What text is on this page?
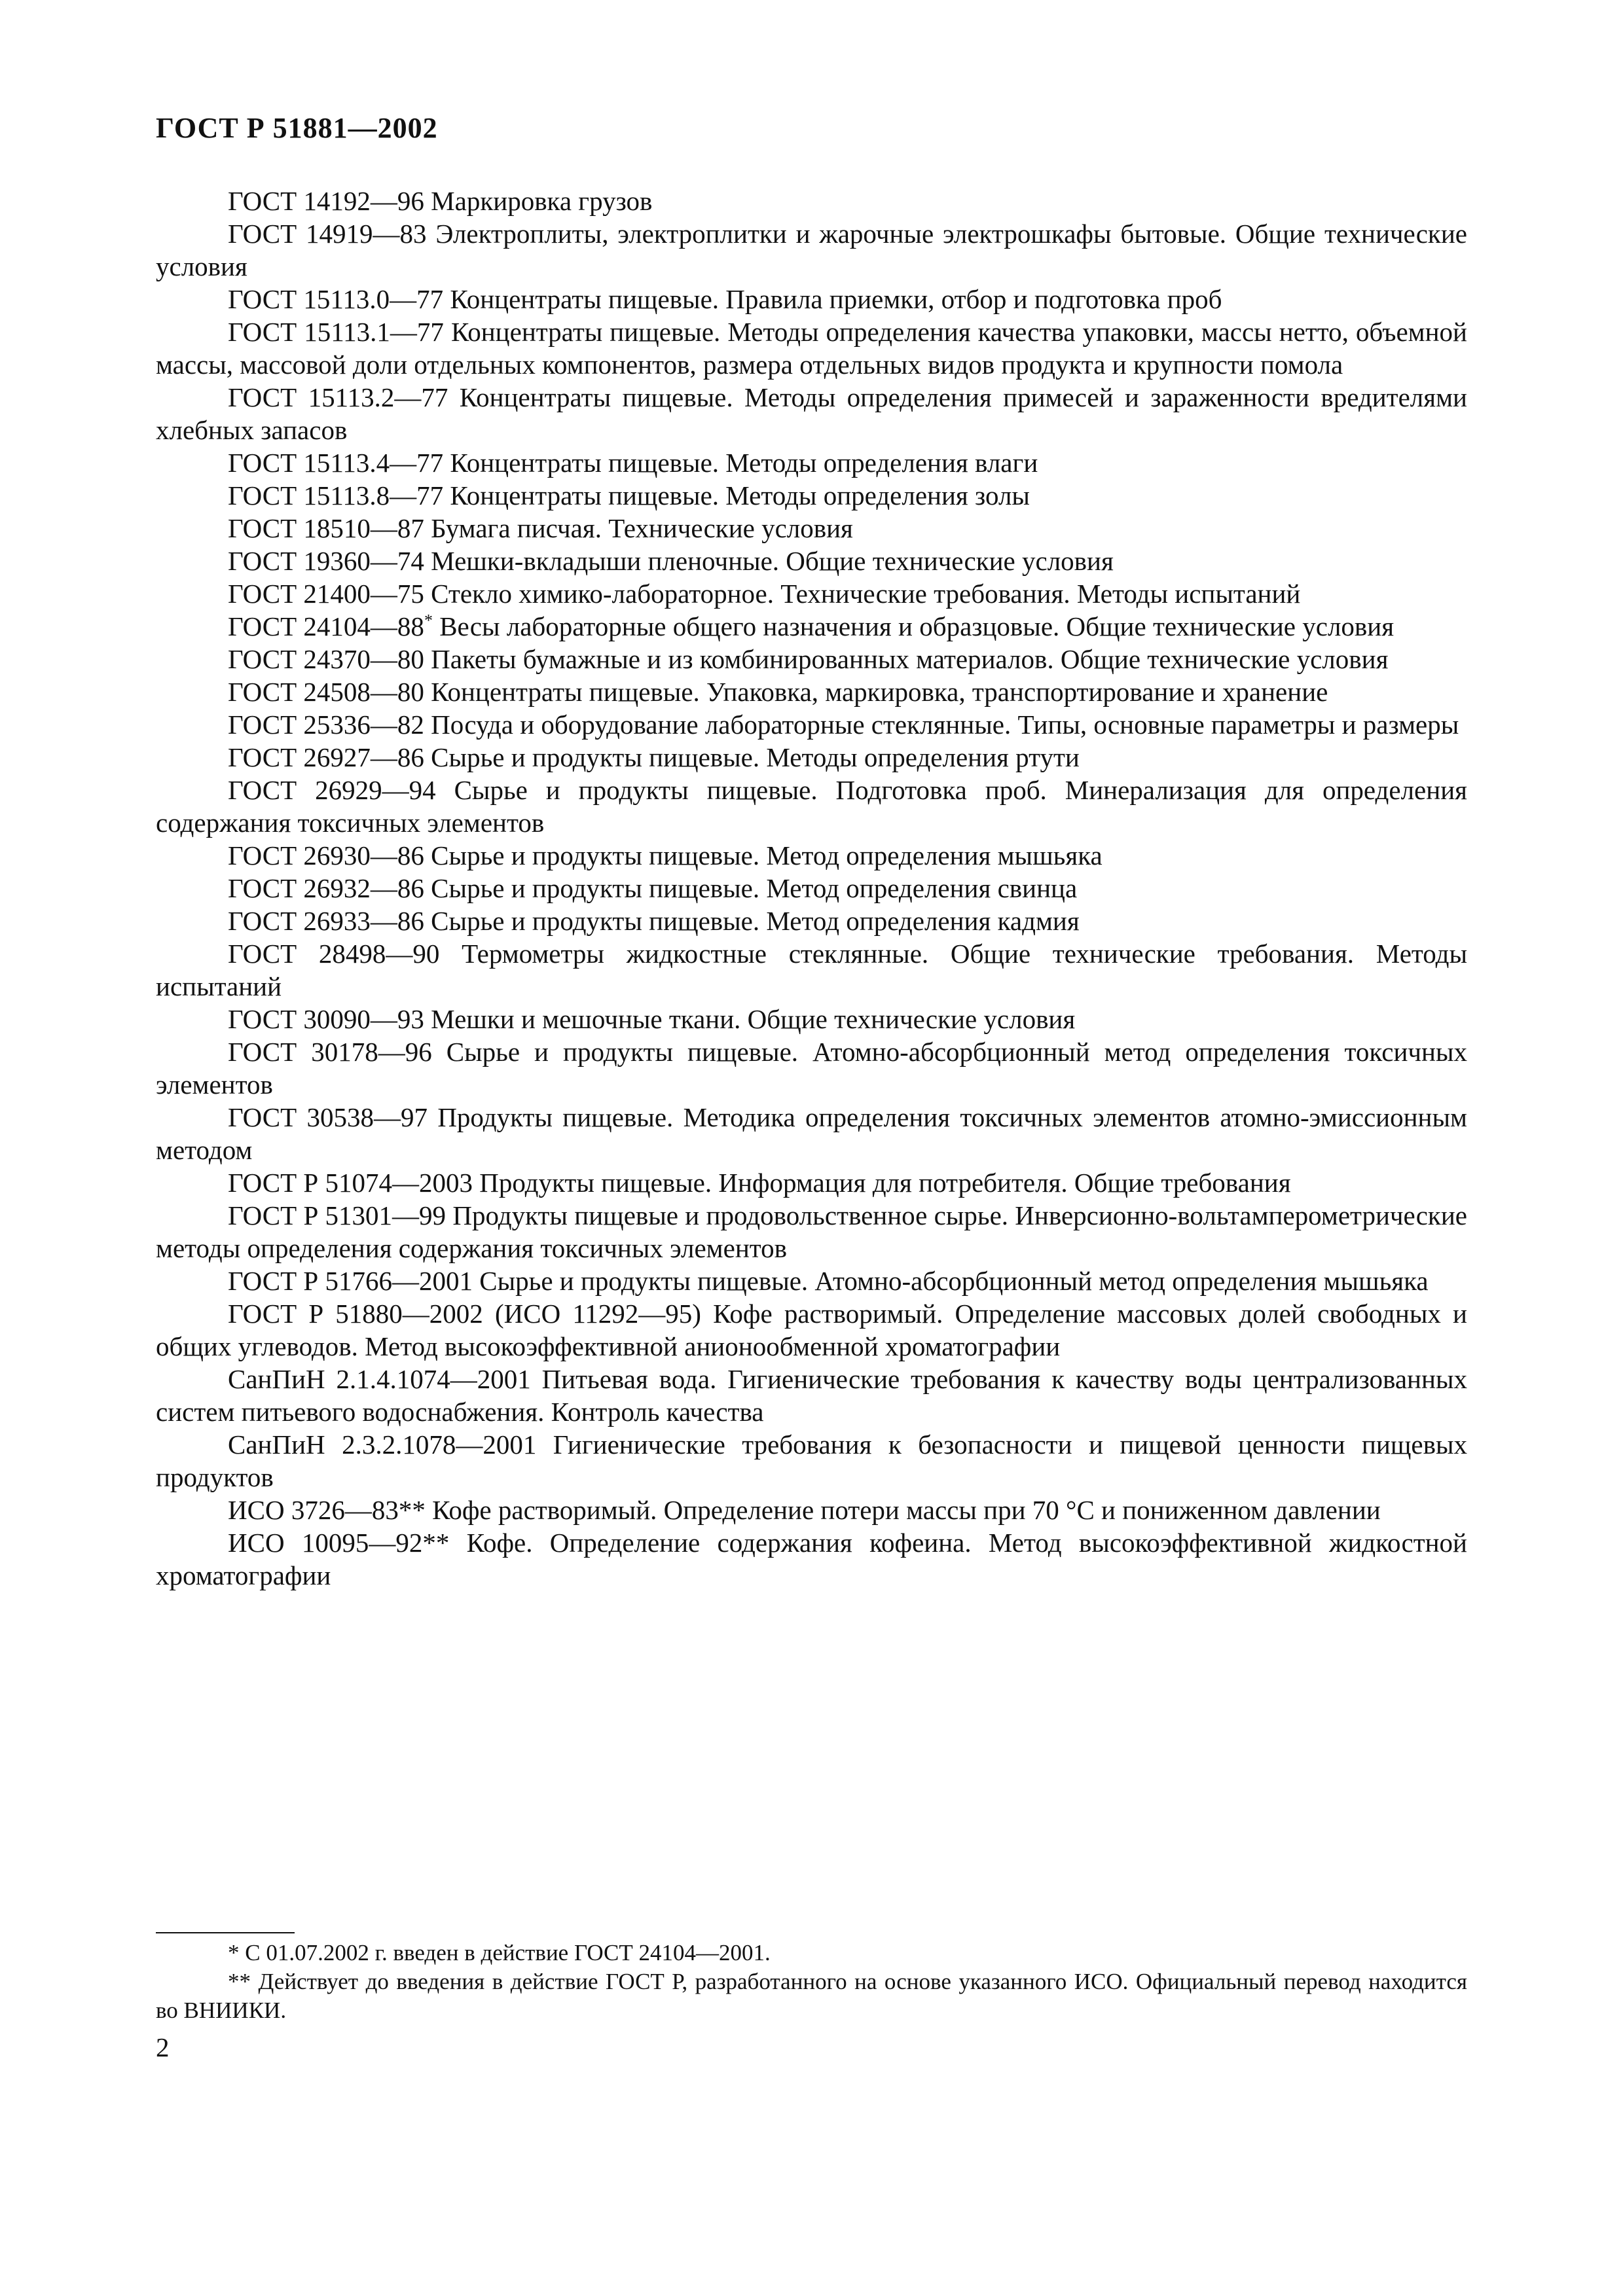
ГОСТ Р 51881—2002
ГОСТ 14192—96 Маркировка грузов
ГОСТ 14919—83 Электроплиты, электроплитки и жарочные электрошкафы бытовые. Общие технические условия
ГОСТ 15113.0—77 Концентраты пищевые. Правила приемки, отбор и подготовка проб
ГОСТ 15113.1—77 Концентраты пищевые. Методы определения качества упаковки, массы нетто, объемной массы, массовой доли отдельных компонентов, размера отдельных видов продукта и крупности помола
ГОСТ 15113.2—77 Концентраты пищевые. Методы определения примесей и зараженности вредителями хлебных запасов
ГОСТ 15113.4—77 Концентраты пищевые. Методы определения влаги
ГОСТ 15113.8—77 Концентраты пищевые. Методы определения золы
ГОСТ 18510—87 Бумага писчая. Технические условия
ГОСТ 19360—74 Мешки-вкладыши пленочные. Общие технические условия
ГОСТ 21400—75 Стекло химико-лабораторное. Технические требования. Методы испытаний
ГОСТ 24104—88* Весы лабораторные общего назначения и образцовые. Общие технические условия
ГОСТ 24370—80 Пакеты бумажные и из комбинированных материалов. Общие технические условия
ГОСТ 24508—80 Концентраты пищевые. Упаковка, маркировка, транспортирование и хранение
ГОСТ 25336—82 Посуда и оборудование лабораторные стеклянные. Типы, основные параметры и размеры
ГОСТ 26927—86 Сырье и продукты пищевые. Методы определения ртути
ГОСТ 26929—94 Сырье и продукты пищевые. Подготовка проб. Минерализация для определения содержания токсичных элементов
ГОСТ 26930—86 Сырье и продукты пищевые. Метод определения мышьяка
ГОСТ 26932—86 Сырье и продукты пищевые. Метод определения свинца
ГОСТ 26933—86 Сырье и продукты пищевые. Метод определения кадмия
ГОСТ 28498—90 Термометры жидкостные стеклянные. Общие технические требования. Методы испытаний
ГОСТ 30090—93 Мешки и мешочные ткани. Общие технические условия
ГОСТ 30178—96 Сырье и продукты пищевые. Атомно-абсорбционный метод определения токсичных элементов
ГОСТ 30538—97 Продукты пищевые. Методика определения токсичных элементов атомно-эмиссионным методом
ГОСТ Р 51074—2003 Продукты пищевые. Информация для потребителя. Общие требования
ГОСТ Р 51301—99 Продукты пищевые и продовольственное сырье. Инверсионно-вольтамперометрические методы определения содержания токсичных элементов
ГОСТ Р 51766—2001 Сырье и продукты пищевые. Атомно-абсорбционный метод определения мышьяка
ГОСТ Р 51880—2002 (ИСО 11292—95) Кофе растворимый. Определение массовых долей свободных и общих углеводов. Метод высокоэффективной анионообменной хроматографии
СанПиН 2.1.4.1074—2001 Питьевая вода. Гигиенические требования к качеству воды централизованных систем питьевого водоснабжения. Контроль качества
СанПиН 2.3.2.1078—2001 Гигиенические требования к безопасности и пищевой ценности пищевых продуктов
ИСО 3726—83** Кофе растворимый. Определение потери массы при 70 °С и пониженном давлении
ИСО 10095—92** Кофе. Определение содержания кофеина. Метод высокоэффективной жидкостной хроматографии
* С 01.07.2002 г. введен в действие ГОСТ 24104—2001.
** Действует до введения в действие ГОСТ Р, разработанного на основе указанного ИСО. Официальный перевод находится во ВНИИКИ.

2
